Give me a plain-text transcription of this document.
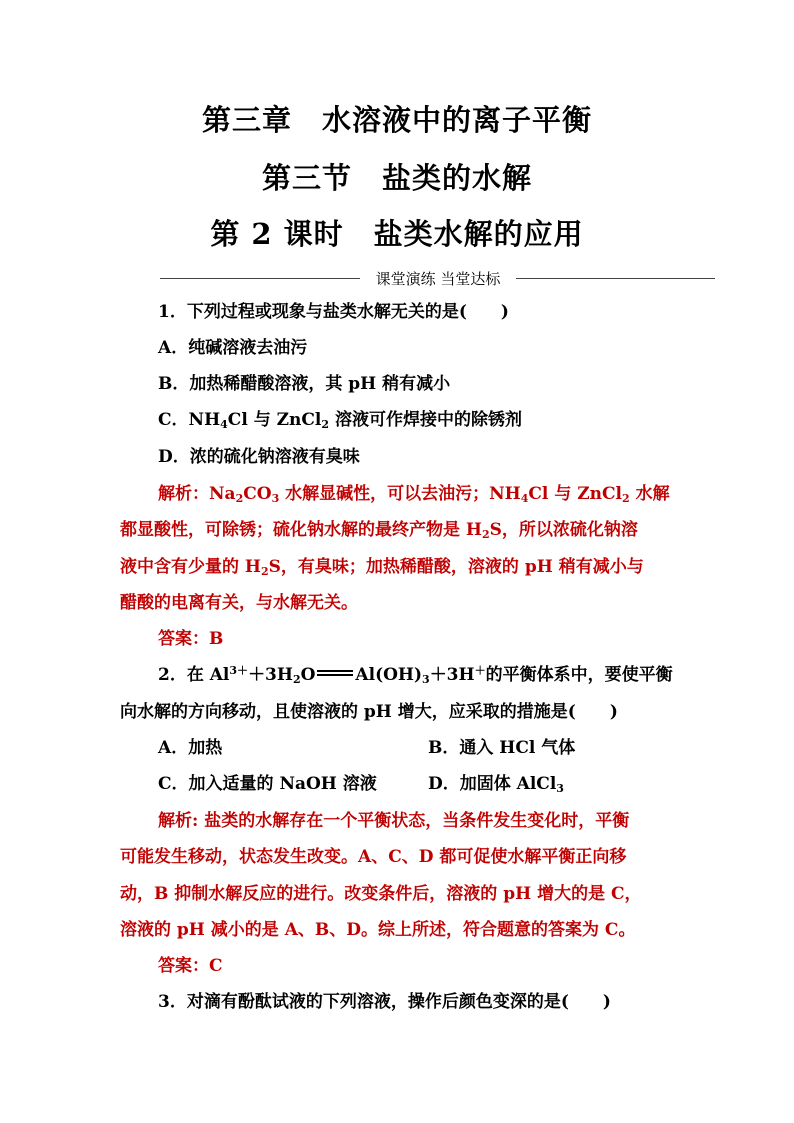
第三章　水溶液中的离子平衡
第三节　盐类的水解
第 2 课时　盐类水解的应用
课堂演练 当堂达标
1．下列过程或现象与盐类水解无关的是(　　)
A．纯碱溶液去油污
B．加热稀醋酸溶液，其 pH 稍有减小
C．$NH_4Cl$ 与 ZnCl$_2$ 溶液可作焊接中的除锈剂
D．浓的硫化钠溶液有臭味
解析：$Na_2CO_3$ 水解显碱性，可以去油污；$NH_4Cl$ 与 ZnCl$_2$ 水解
都显酸性，可除锈；硫化钠水解的最终产物是 $H_2S$，所以浓硫化钠溶
液中含有少量的 $H_2S$，有臭味；加热稀醋酸，溶液的 pH 稍有减小与
醋酸的电离有关，与水解无关。
答案：B
2．在 $Al^{3+}+3H_2O$ $Al(OH)_3+3H^+$的平衡体系中，要使平衡
向水解的方向移动，且使溶液的 pH 增大，应采取的措施是(　　)
A．加热	B．通入 HCl 气体
C．加入适量的 NaOH 溶液	D．加固体 AlCl$_3$
解析: 盐类的水解存在一个平衡状态，当条件发生变化时，平衡
可能发生移动，状态发生改变。A、C、D 都可促使水解平衡正向移
动，B 抑制水解反应的进行。改变条件后，溶液的 pH 增大的是 C，
溶液的 pH 减小的是 A、B、D。综上所述，符合题意的答案为 C。
答案：C
3．对滴有酚酞试液的下列溶液，操作后颜色变深的是(　　)
